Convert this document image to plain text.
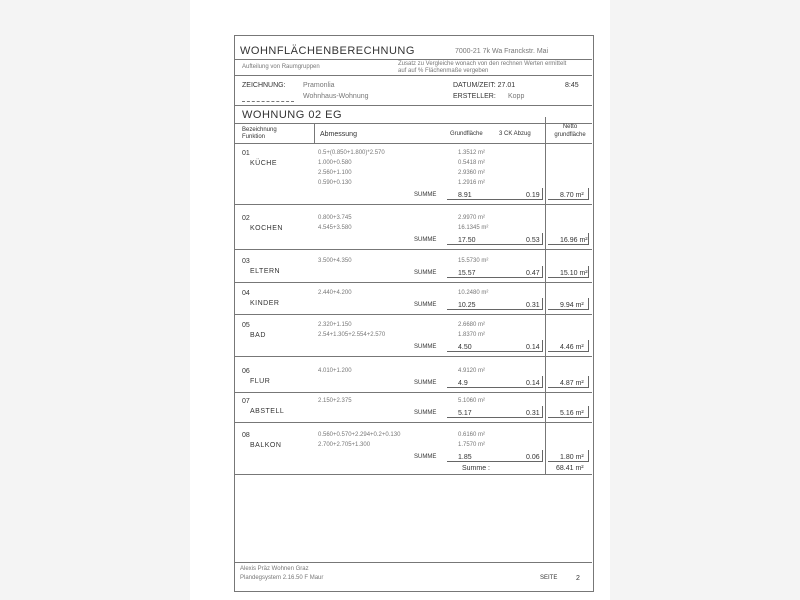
WOHNFLÄCHENBERECHNUNG	7000-21 7k Wa Franckstr. Mai
Aufteilung von Raumgruppen	Zusatz zu Vergleiche wonach von den rechnen Werten ermittelt
auf auf % Flächenmaße vergeben
ZEICHNUNG: Pramonlia
Wohnhaus-Wohnung
DATUM/ZEIT: 27.01	8:45
ERSTELLER: Kopp
WOHNUNG 02 EG
Bezeichnung Funktion	Abmessung	Grundfläche	3 CK Abzug
Netto grundfläche
01
KÜCHE
0.5+(0.850+1.800)*2.570	1.3512 m²
1.000+0.580	0.5418 m²
2.560+1.100	2.9360 m²
0.590+0.130	1.2916 m²
SUMME	8.91	0.19	8.70 m²
02
KOCHEN
0.800+3.745	2.9970 m²
4.545+3.580	16.1345 m²
SUMME	17.50	0.53	16.96 m²
03
ELTERN
3.500+4.350	15.5730 m²
SUMME	15.57	0.47	15.10 m²
04
KINDER
2.440+4.200	10.2480 m²
SUMME	10.25	0.31	9.94 m²
05
BAD
2.320+1.150	2.6680 m²
2.54+1.305+2.554+2.570	1.8370 m²
SUMME	4.50	0.14	4.46 m²
06
FLUR
4.010+1.200	4.9120 m²
SUMME	4.9	0.14	4.87 m²
07
ABSTELL
2.150+2.375	5.1060 m²
SUMME	5.17	0.31	5.16 m²
08
BALKON
0.560+0.570+2.294+0.2+0.130	0.6160 m²
2.700+2.705+1.300	1.7570 m²
SUMME	1.85	0.06	1.80 m²
Summe :	68.41 m²
Alexis Präz Wohnen Graz
Plandegsystem 2.16.50 F Maur	SEITE	2
